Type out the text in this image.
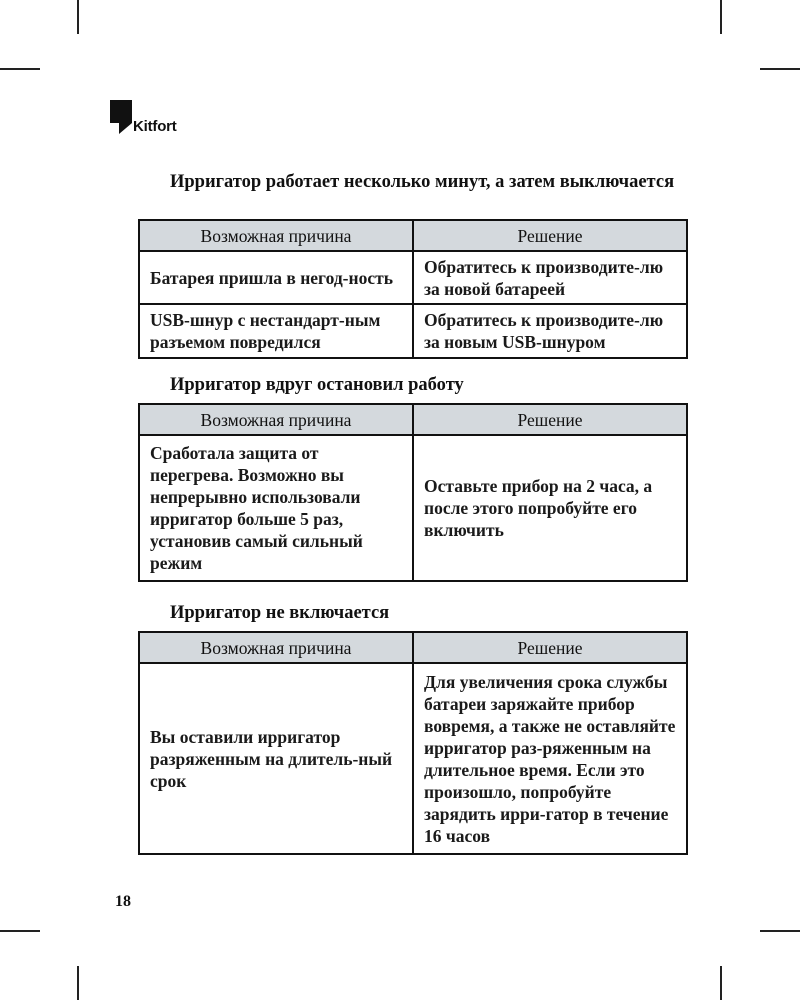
Kitfort
Ирригатор работает несколько минут, а затем выключается
Возможная причина	Решение
Батарея пришла в негод-ность	Обратитесь к производите-лю за новой батареей
USB-шнур с нестандарт-ным разъемом повредился	Обратитесь к производите-лю за новым USB-шнуром
Ирригатор вдруг остановил работу
Возможная причина	Решение
Сработала защита от перегрева. Возможно вы непрерывно использовали ирригатор больше 5 раз, установив самый сильный режим	Оставьте прибор на 2 часа, а после этого попробуйте его включить
Ирригатор не включается
Возможная причина	Решение
Вы оставили ирригатор разряженным на длитель-ный срок	Для увеличения срока службы батареи заряжайте прибор вовремя, а также не оставляйте ирригатор раз-ряженным на длительное время. Если это произошло, попробуйте зарядить ирри-гатор в течение 16 часов
18
